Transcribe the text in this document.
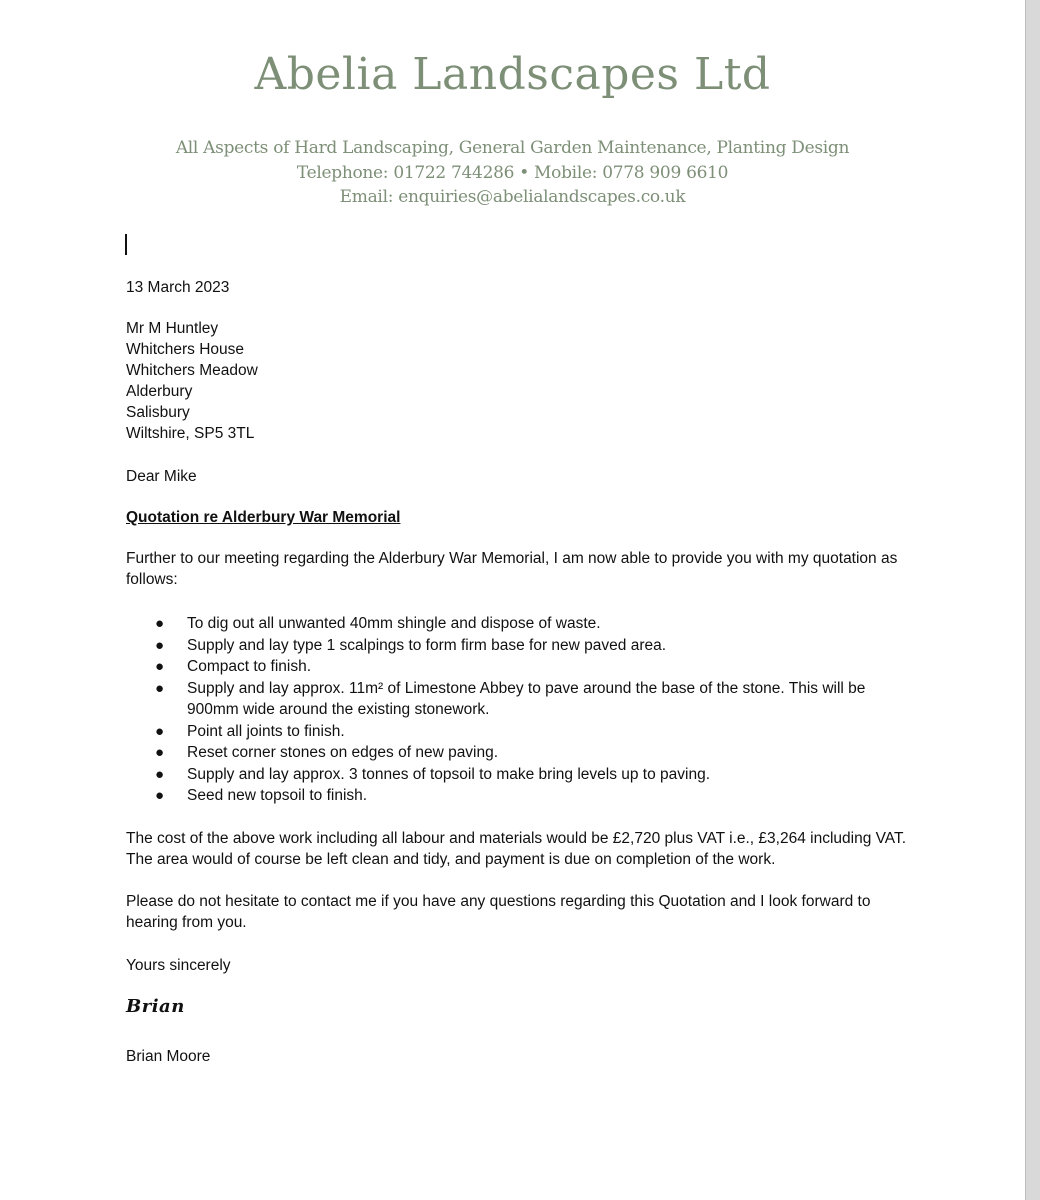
Abelia Landscapes Ltd
All Aspects of Hard Landscaping, General Garden Maintenance, Planting Design
Telephone: 01722 744286 • Mobile: 0778 909 6610
Email: enquiries@abelialandscapes.co.uk
13 March 2023
Mr M Huntley
Whitchers House
Whitchers Meadow
Alderbury
Salisbury
Wiltshire, SP5 3TL
Dear Mike
Quotation re Alderbury War Memorial
Further to our meeting regarding the Alderbury War Memorial, I am now able to provide you with my quotation as follows:
● To dig out all unwanted 40mm shingle and dispose of waste.
● Supply and lay type 1 scalpings to form firm base for new paved area.
● Compact to finish.
● Supply and lay approx. 11m² of Limestone Abbey to pave around the base of the stone. This will be 900mm wide around the existing stonework.
● Point all joints to finish.
● Reset corner stones on edges of new paving.
● Supply and lay approx. 3 tonnes of topsoil to make bring levels up to paving.
● Seed new topsoil to finish.
The cost of the above work including all labour and materials would be £2,720 plus VAT i.e., £3,264 including VAT. The area would of course be left clean and tidy, and payment is due on completion of the work.
Please do not hesitate to contact me if you have any questions regarding this Quotation and I look forward to hearing from you.
Yours sincerely
Brian
Brian Moore
